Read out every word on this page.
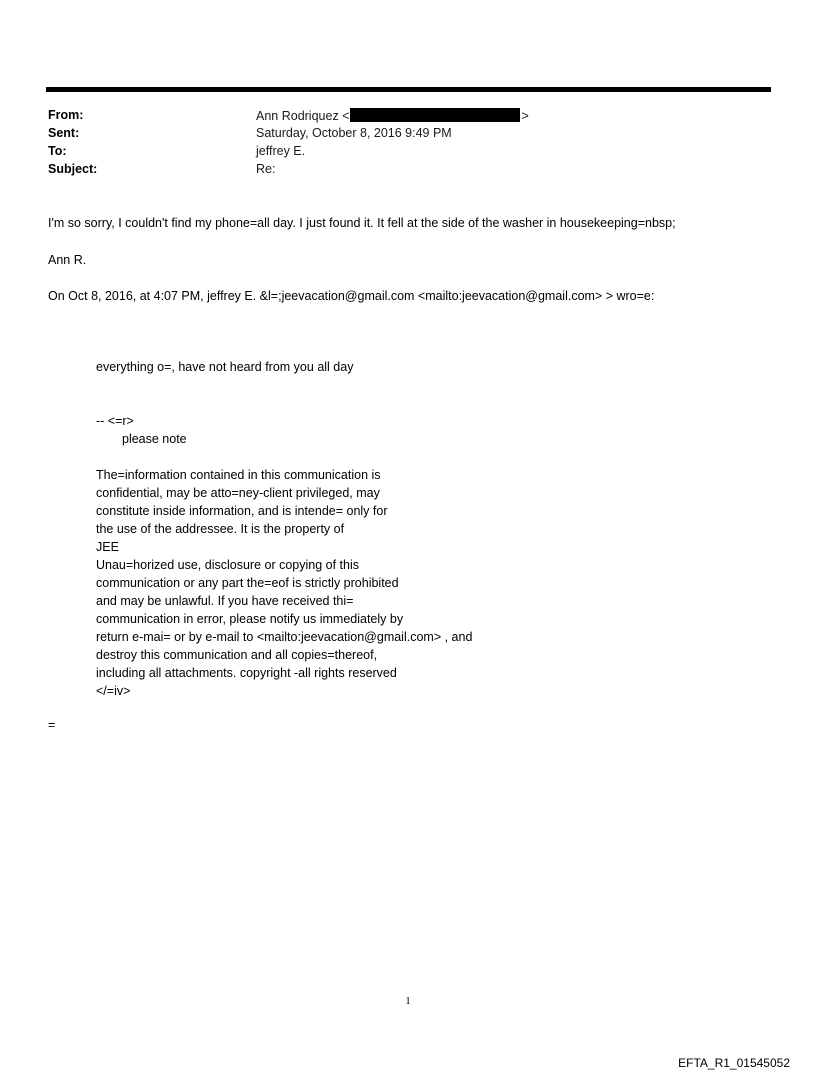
From:	Ann Rodriquez <	>
Sent:	Saturday, October 8, 2016 9:49 PM
To:	jeffrey E.
Subject:	Re:
I'm so sorry, I couldn't find my phone=all day. I just found it. It fell at the side of the washer in housekeeping=nbsp;
Ann R.
On Oct 8, 2016, at 4:07 PM, jeffrey E. &l=;jeevacation@gmail.com <mailto:jeevacation@gmail.com> > wro=e:
everything o=, have not heard from you all day
-- <=r>
please note
The=information contained in this communication is
confidential, may be atto=ney-client privileged, may
constitute inside information, and is intende= only for
the use of the addressee. It is the property of
JEE
Unau=horized use, disclosure or copying of this
communication or any part the=eof is strictly prohibited
and may be unlawful. If you have received thi=
communication in error, please notify us immediately by
return e-mai= or by e-mail to <mailto:jeevacation@gmail.com> , and
destroy this communication and all copies=thereof,
including all attachments. copyright -all rights reserved
</=iv>
=
1
EFTA_R1_01545052
